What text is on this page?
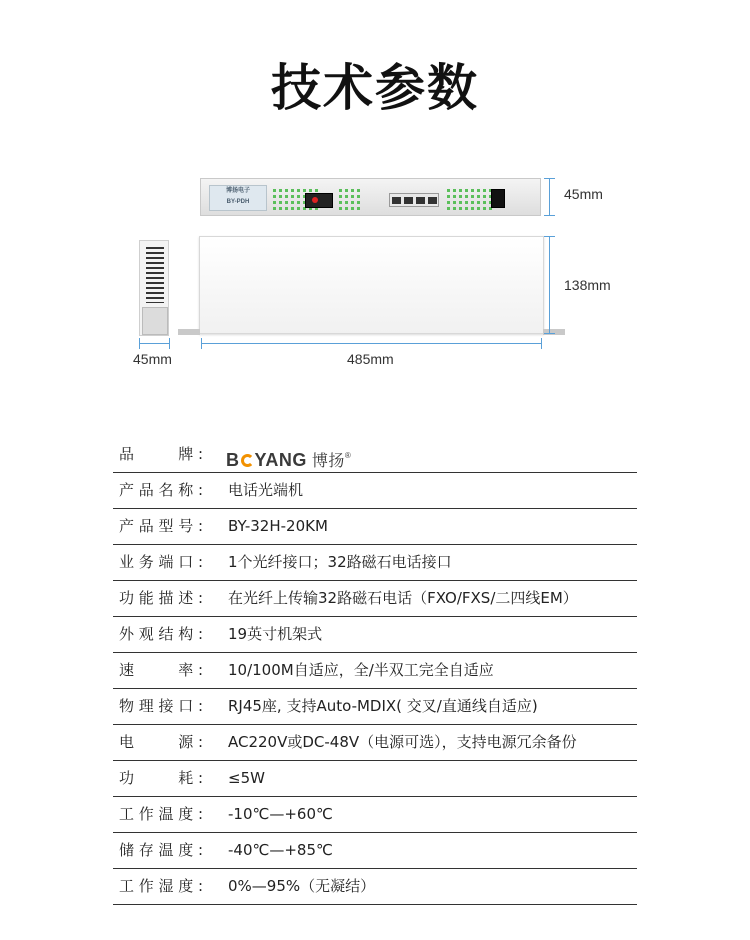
技术参数
博扬电子
BY-PDH	45mm
138mm
45mm	485mm
品　　牌: B YANG 博扬®
产品名称: 电话光端机
产品型号: BY-32H-20KM
业务端口: 1个光纤接口；32路磁石电话接口
功能描述: 在光纤上传输32路磁石电话（FXO/FXS/二四线EM）
外观结构: 19英寸机架式
速　　率: 10/100M自适应，全/半双工完全自适应
物理接口: RJ45座, 支持Auto-MDIX( 交叉/直通线自适应)
电　　源: AC220V或DC-48V（电源可选），支持电源冗余备份
功　　耗: ≤5W
工作温度: -10℃—+60℃
储存温度: -40℃—+85℃
工作湿度: 0%—95%（无凝结）
